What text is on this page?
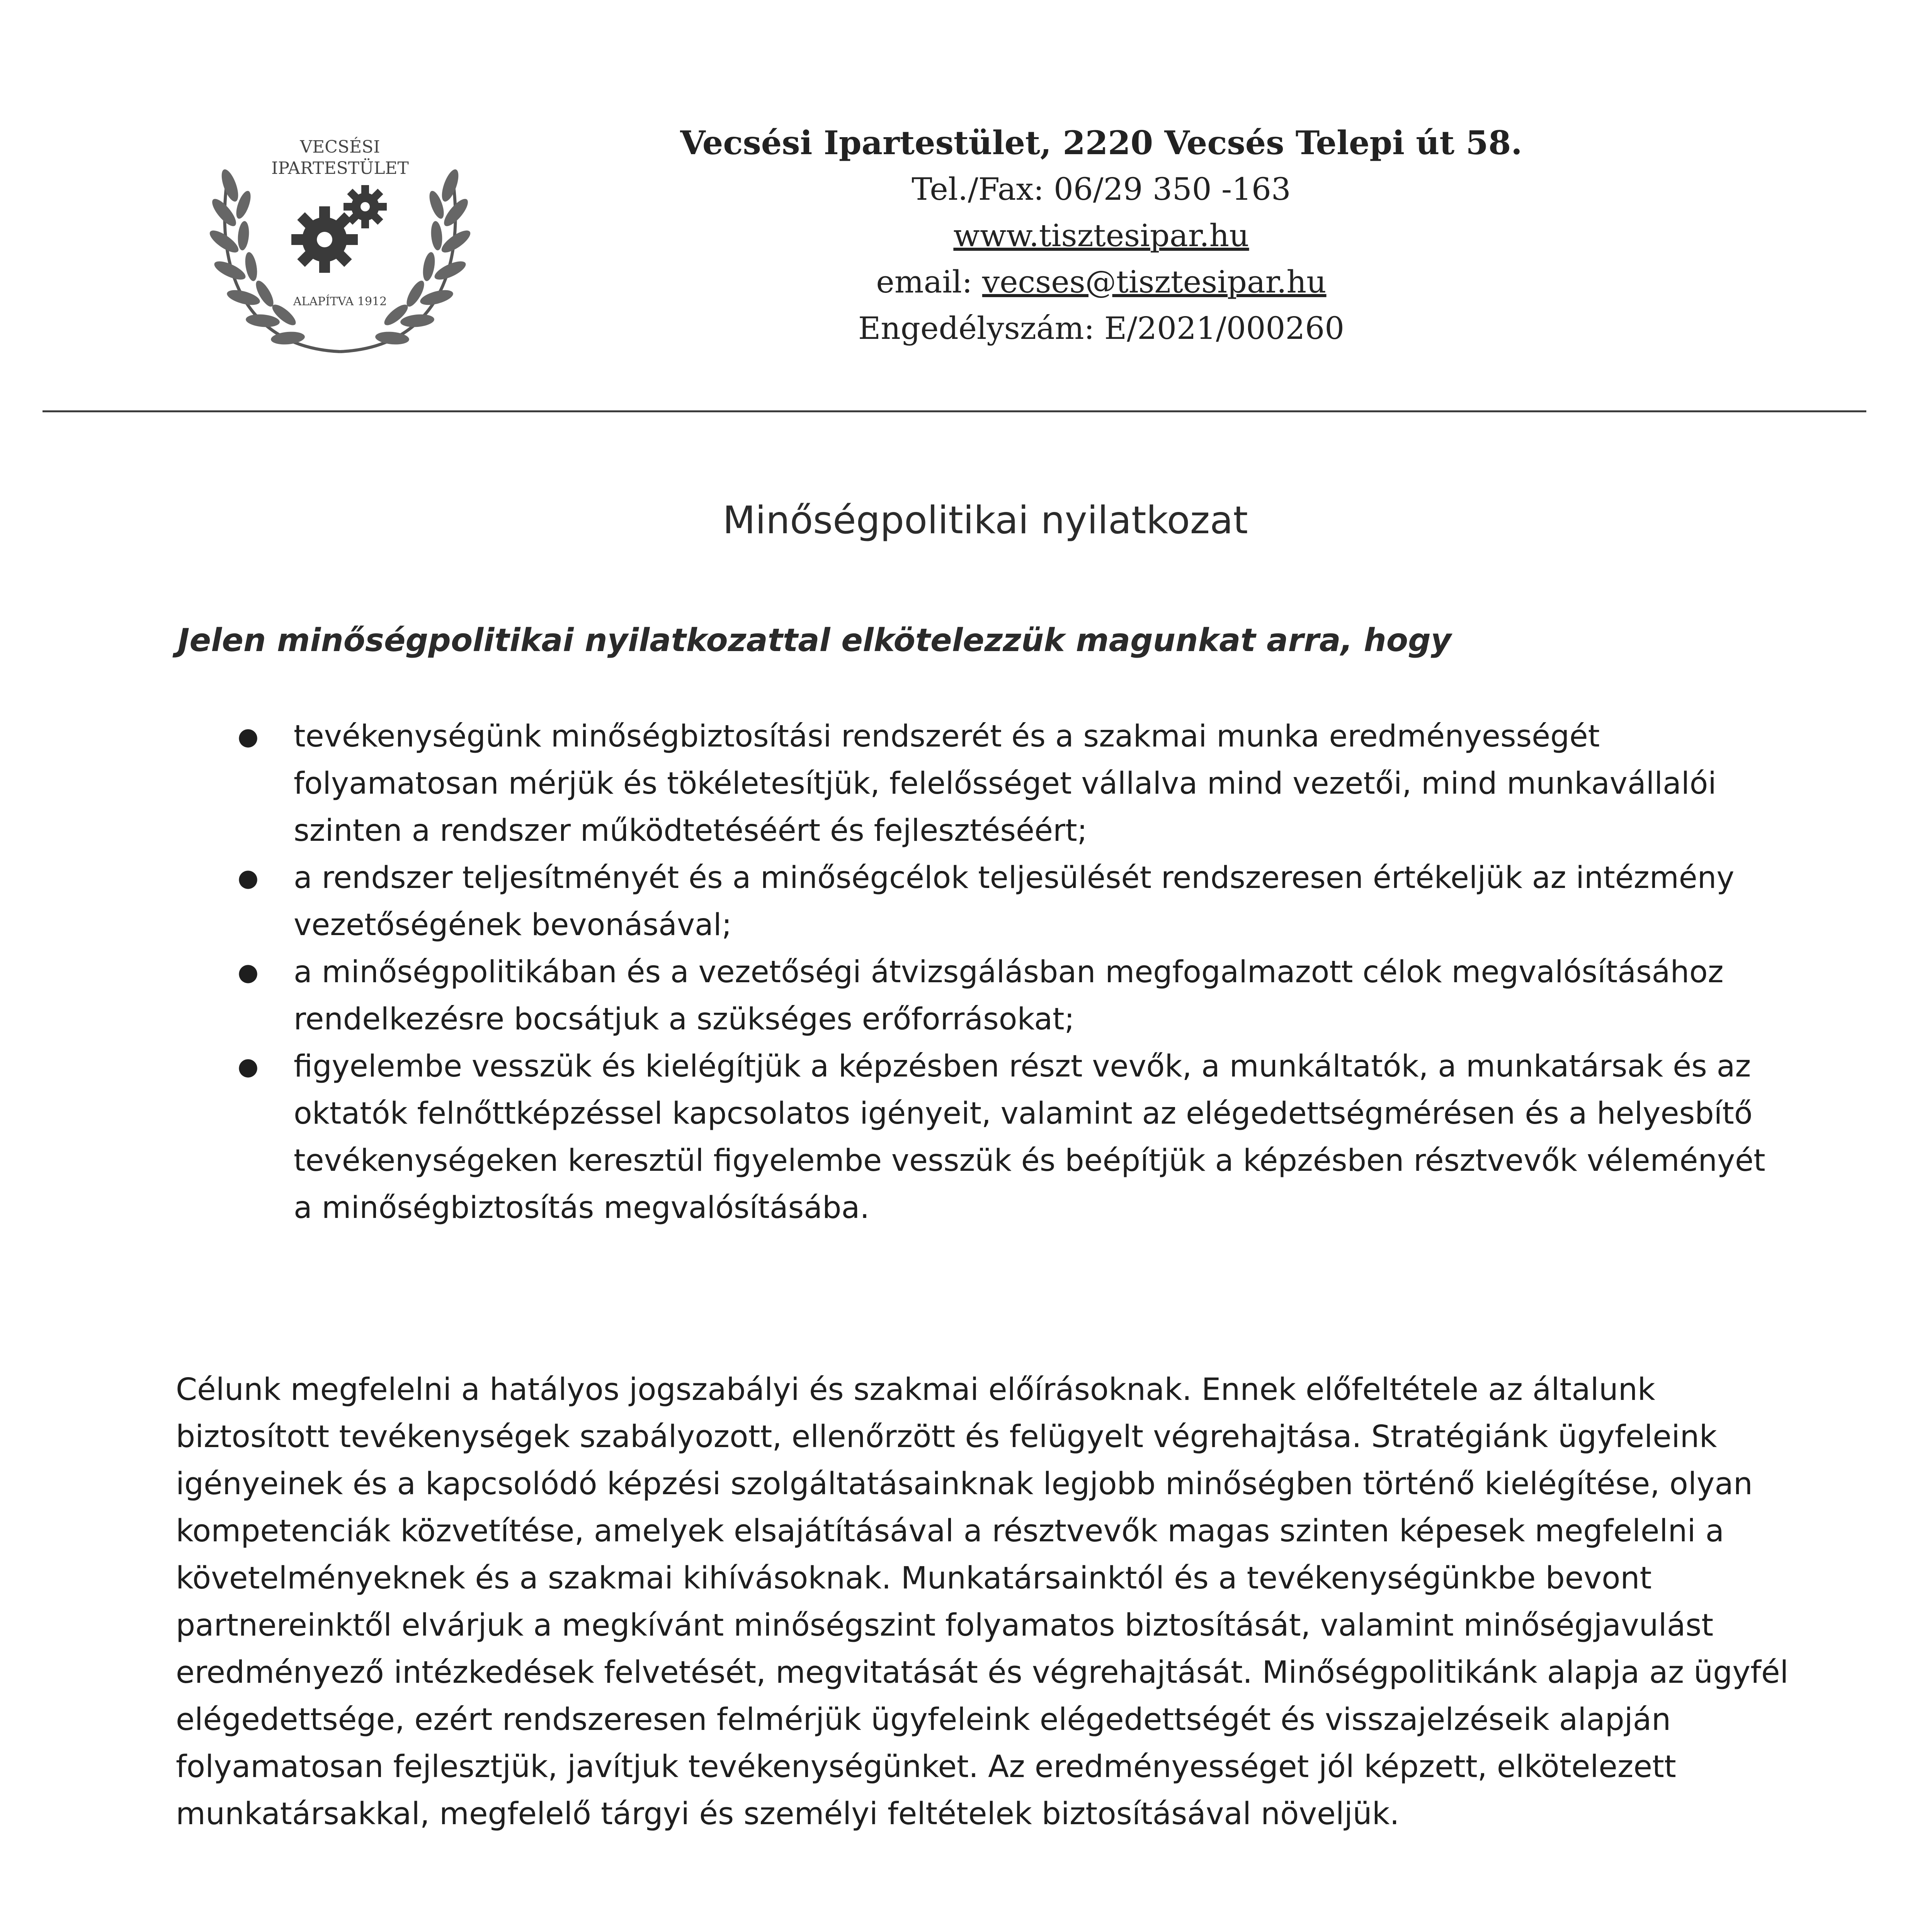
VECSÉSI
IPARTESTÜLET
ALAPÍTVA 1912
Vecsési Ipartestület, 2220 Vecsés Telepi út 58.
Tel./Fax: 06/29 350 -163
www.tisztesipar.hu
email: vecses@tisztesipar.hu
Engedélyszám: E/2021/000260
Minőségpolitikai nyilatkozat

Jelen minőségpolitikai nyilatkozattal elkötelezzük magunkat arra, hogy

● tevékenységünk minőségbiztosítási rendszerét és a szakmai munka eredményességét folyamatosan mérjük és tökéletesítjük, felelősséget vállalva mind vezetői, mind munkavállalói szinten a rendszer működtetéséért és fejlesztéséért;
● a rendszer teljesítményét és a minőségcélok teljesülését rendszeresen értékeljük az intézmény vezetőségének bevonásával;
● a minőségpolitikában és a vezetőségi átvizsgálásban megfogalmazott célok megvalósításához rendelkezésre bocsátjuk a szükséges erőforrásokat;
● figyelembe vesszük és kielégítjük a képzésben részt vevők, a munkáltatók, a munkatársak és az oktatók felnőttképzéssel kapcsolatos igényeit, valamint az elégedettségmérésen és a helyesbítő tevékenységeken keresztül figyelembe vesszük és beépítjük a képzésben résztvevők véleményét a minőségbiztosítás megvalósításába.

Célunk megfelelni a hatályos jogszabályi és szakmai előírásoknak. Ennek előfeltétele az általunk biztosított tevékenységek szabályozott, ellenőrzött és felügyelt végrehajtása. Stratégiánk ügyfeleink igényeinek és a kapcsolódó képzési szolgáltatásainknak legjobb minőségben történő kielégítése, olyan kompetenciák közvetítése, amelyek elsajátításával a résztvevők magas szinten képesek megfelelni a követelményeknek és a szakmai kihívásoknak. Munkatársainktól és a tevékenységünkbe bevont partnereinktől elvárjuk a megkívánt minőségszint folyamatos biztosítását, valamint minőségjavulást eredményező intézkedések felvetését, megvitatását és végrehajtását. Minőségpolitikánk alapja az ügyfél elégedettsége, ezért rendszeresen felmérjük ügyfeleink elégedettségét és visszajelzéseik alapján folyamatosan fejlesztjük, javítjuk tevékenységünket. Az eredményességet jól képzett, elkötelezett munkatársakkal, megfelelő tárgyi és személyi feltételek biztosításával növeljük.
